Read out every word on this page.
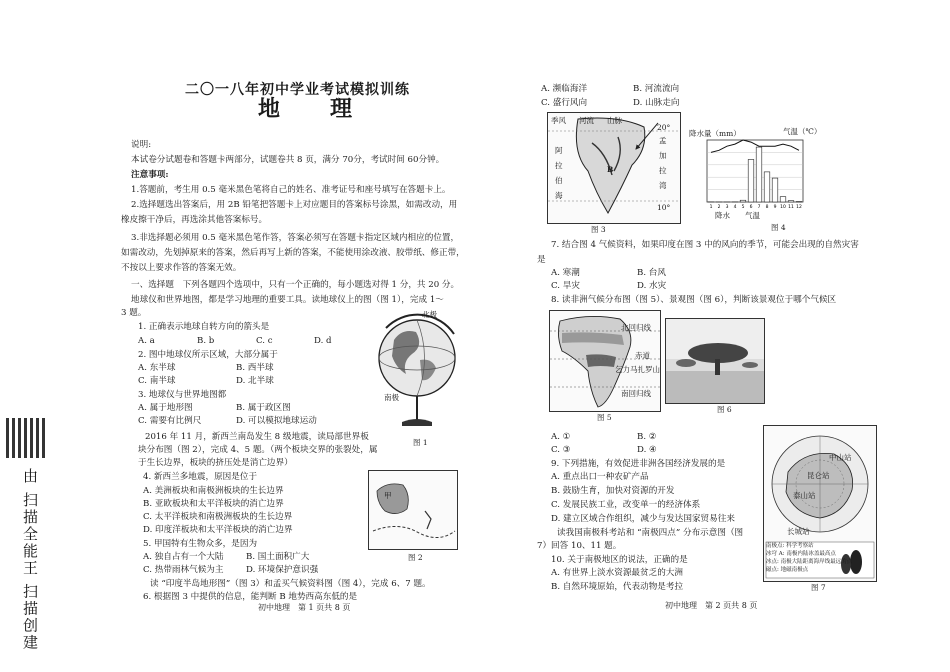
二〇一八年初中学业考试模拟训练
地　理
说明:
本试卷分试题卷和答题卡两部分，试题卷共 8 页，满分 70分，考试时间 60分钟。
注意事项:
1.答题前，考生用 0.5 毫米黑色笔将自己的姓名、准考证号和座号填写在答题卡上。
2.选择题选出答案后，用 2B 铅笔把答题卡上对应题目的答案标号涂黑，如需改动，用
橡皮擦干净后，再选涂其他答案标号。
3.非选择题必须用 0.5 毫米黑色笔作答，答案必须写在答题卡指定区域内相应的位置，
如需改动，先划掉原来的答案，然后再写上新的答案，不能使用涂改液、胶带纸、修正带，
不按以上要求作答的答案无效。
一、选择题　下列各题四个选项中，只有一个正确的，每小题选对得 1 分，共 20 分。
地球仪和世界地图，都是学习地理的重要工具。读地球仪上的图（图 1），完成 1～
3 题。
1. 正确表示地球自转方向的箭头是
A. a	B. b	C. c	D. d
2. 图中地球仪所示区域，大部分属于
A. 东半球	B. 西半球
C. 南半球	D. 北半球
3. 地球仪与世界地图都
A. 属于地形图	B. 属于政区图
C. 需要有比例尺	D. 可以模拟地球运动
2016 年 11 月，新西兰南岛发生 8 级地震，读局部世界板
块分布图（图 2），完成 4、5 题。（两个板块交界的张裂处，属
于生长边界，板块的挤压处是消亡边界）
4. 新西兰多地震，原因是位于
A. 美洲板块和南极洲板块的生长边界
B. 亚欧板块和太平洋板块的消亡边界
C. 太平洋板块和南极洲板块的生长边界
D. 印度洋板块和太平洋板块的消亡边界
5. 甲国特有生物众多，是因为
A. 独自占有一个大陆	B. 国土面积广大
C. 热带雨林气候为主	D. 环境保护意识强
读 “印度半岛地形图”（图 3）和孟买气候资料图（图 4），完成 6、7 题。
6. 根据图 3 中提供的信息，能判断 B 地势西高东低的是
北极
南极
图 1
甲
图 2
初中地理　第 1 页共 8 页
由 扫描全能王 扫描创建
A. 濒临海洋	B. 河流流向
C. 盛行风向	D. 山脉走向
阿
拉
伯
海
孟
加
拉
湾
B
季风 河流 山脉
20°
10°
图 3
降水量（mm）	气温（℃）
1 2 3 4 5 6 7 8 9 10 11 12
降水　　气温
图 4
7. 结合图 4 气候资料，如果印度在图 3 中的风向的季节，可能会出现的自然灾害
是
A. 寒潮	B. 台风
C. 旱灾	D. 水灾
8. 读非洲气候分布图（图 5）、景观图（图 6），判断该景观位于哪个气候区
北回归线
赤道
南回归线
乞力马扎罗山
图 5
图 6
A. ①	B. ②
C. ③	D. ④
9. 下列措施，有效促进非洲各国经济发展的是
A. 重点出口一种农矿产品
B. 鼓励生育，加快对资源的开发
C. 发展民族工业，改变单一的经济体系
D. 建立区域合作组织，减少与发达国家贸易往来
读我国南极科考站和 “南极四点” 分布示意图（图
7）回答 10、11 题。
10. 关于南极地区的说法，正确的是
A. 有世界上淡水资源最贫乏的大洲
B. 自然环境原始，代表动物是考拉
中山站
昆仑站
长城站
泰山站
南极点: 科学考察站
冰穹 A: 南极内陆冰盖最高点
冰点: 南极大陆距离海岸线最远的点
磁点: 地磁南极点
图 7
初中地理　第 2 页共 8 页
